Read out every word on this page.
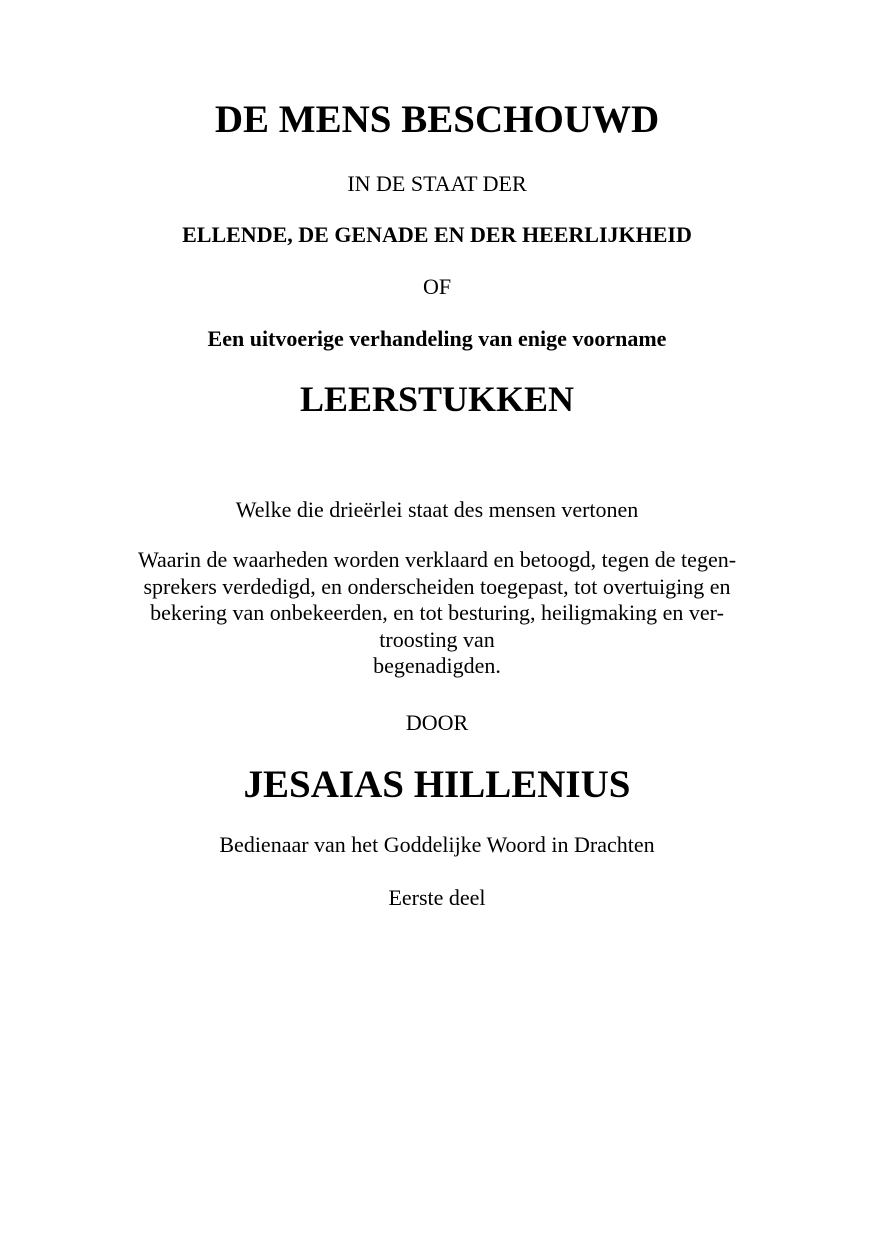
DE MENS BESCHOUWD
IN DE STAAT DER
ELLENDE, DE GENADE EN DER HEERLIJKHEID
OF
Een uitvoerige verhandeling van enige voorname
LEERSTUKKEN
Welke die drieërlei staat des mensen vertonen
Waarin de waarheden worden verklaard en betoogd, tegen de tegen-
sprekers verdedigd, en onderscheiden toegepast, tot overtuiging en
bekering van onbekeerden, en tot besturing, heiligmaking en ver-
troosting van
begenadigden.
DOOR
JESAIAS HILLENIUS
Bedienaar van het Goddelijke Woord in Drachten
Eerste deel
